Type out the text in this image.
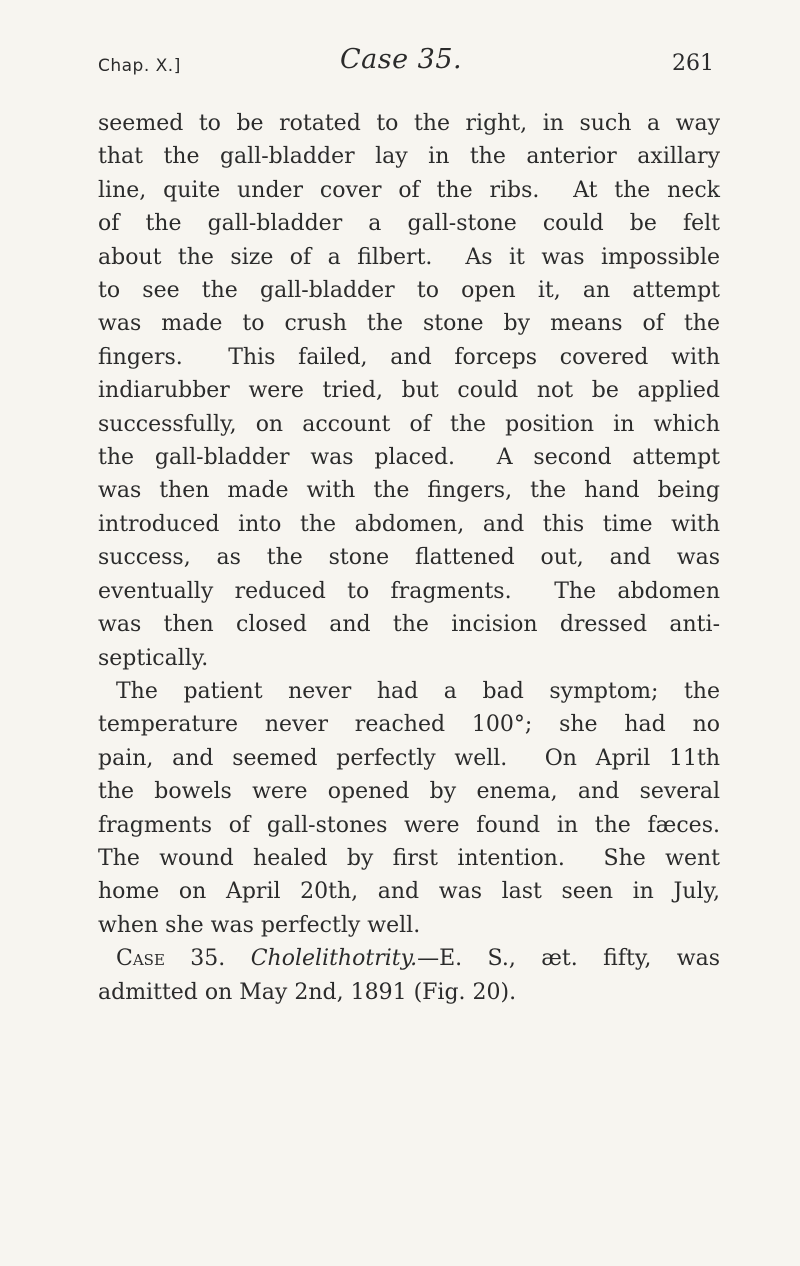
Chap. X.]	Case 35.	261
seemed to be rotated to the right, in such a way
that the gall-bladder lay in the anterior axillary
line, quite under cover of the ribs.  At the neck
of the gall-bladder a gall-stone could be felt
about the size of a filbert.  As it was impossible
to see the gall-bladder to open it, an attempt
was made to crush the stone by means of the
fingers.  This failed, and forceps covered with
indiarubber were tried, but could not be applied
successfully, on account of the position in which
the gall-bladder was placed.  A second attempt
was then made with the fingers, the hand being
introduced into the abdomen, and this time with
success, as the stone flattened out, and was
eventually reduced to fragments.  The abdomen
was then closed and the incision dressed anti-
septically.
The patient never had a bad symptom; the
temperature never reached 100°; she had no
pain, and seemed perfectly well.  On April 11th
the bowels were opened by enema, and several
fragments of gall-stones were found in the fæces.
The wound healed by first intention.  She went
home on April 20th, and was last seen in July,
when she was perfectly well.
Case 35. Cholelithotrity.—E. S., æt. fifty, was
admitted on May 2nd, 1891 (Fig. 20).
